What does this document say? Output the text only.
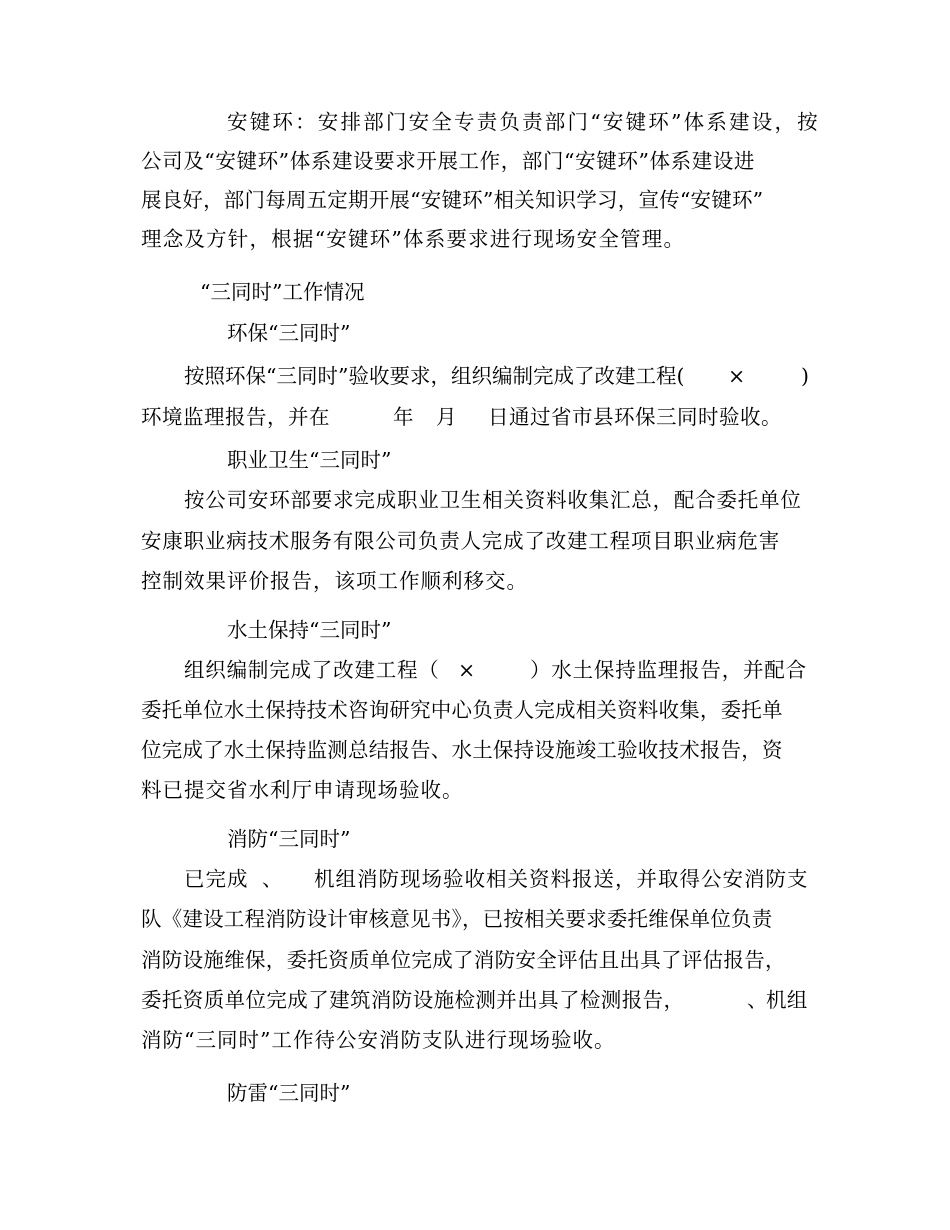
安键环：安排部门安全专责负责部门“安键环”体系建设，按
公司及“安键环”体系建设要求开展工作，部门“安键环”体系建设进
展良好，部门每周五定期开展“安键环”相关知识学习，宣传“安键环”
理念及方针，根据“安键环”体系要求进行现场安全管理。
“三同时”工作情况
环保“三同时”
按照环保“三同时”验收要求，组织编制完成了改建工程( ×	)
环境监理报告，并在	年 月 日通过省市县环保三同时验收。
职业卫生“三同时”
按公司安环部要求完成职业卫生相关资料收集汇总，配合委托单位
安康职业病技术服务有限公司负责人完成了改建工程项目职业病危害
控制效果评价报告，该项工作顺利移交。
水土保持“三同时”
组织编制完成了改建工程（ ×	）水土保持监理报告，并配合
委托单位水土保持技术咨询研究中心负责人完成相关资料收集，委托单
位完成了水土保持监测总结报告、水土保持设施竣工验收技术报告，资
料已提交省水利厅申请现场验收。
消防“三同时”
已完成 、 机组消防现场验收相关资料报送，并取得公安消防支
队《建设工程消防设计审核意见书》，已按相关要求委托维保单位负责
消防设施维保，委托资质单位完成了消防安全评估且出具了评估报告，
委托资质单位完成了建筑消防设施检测并出具了检测报告，	、
机组
消防“三同时”工作待公安消防支队进行现场验收。
防雷“三同时”
